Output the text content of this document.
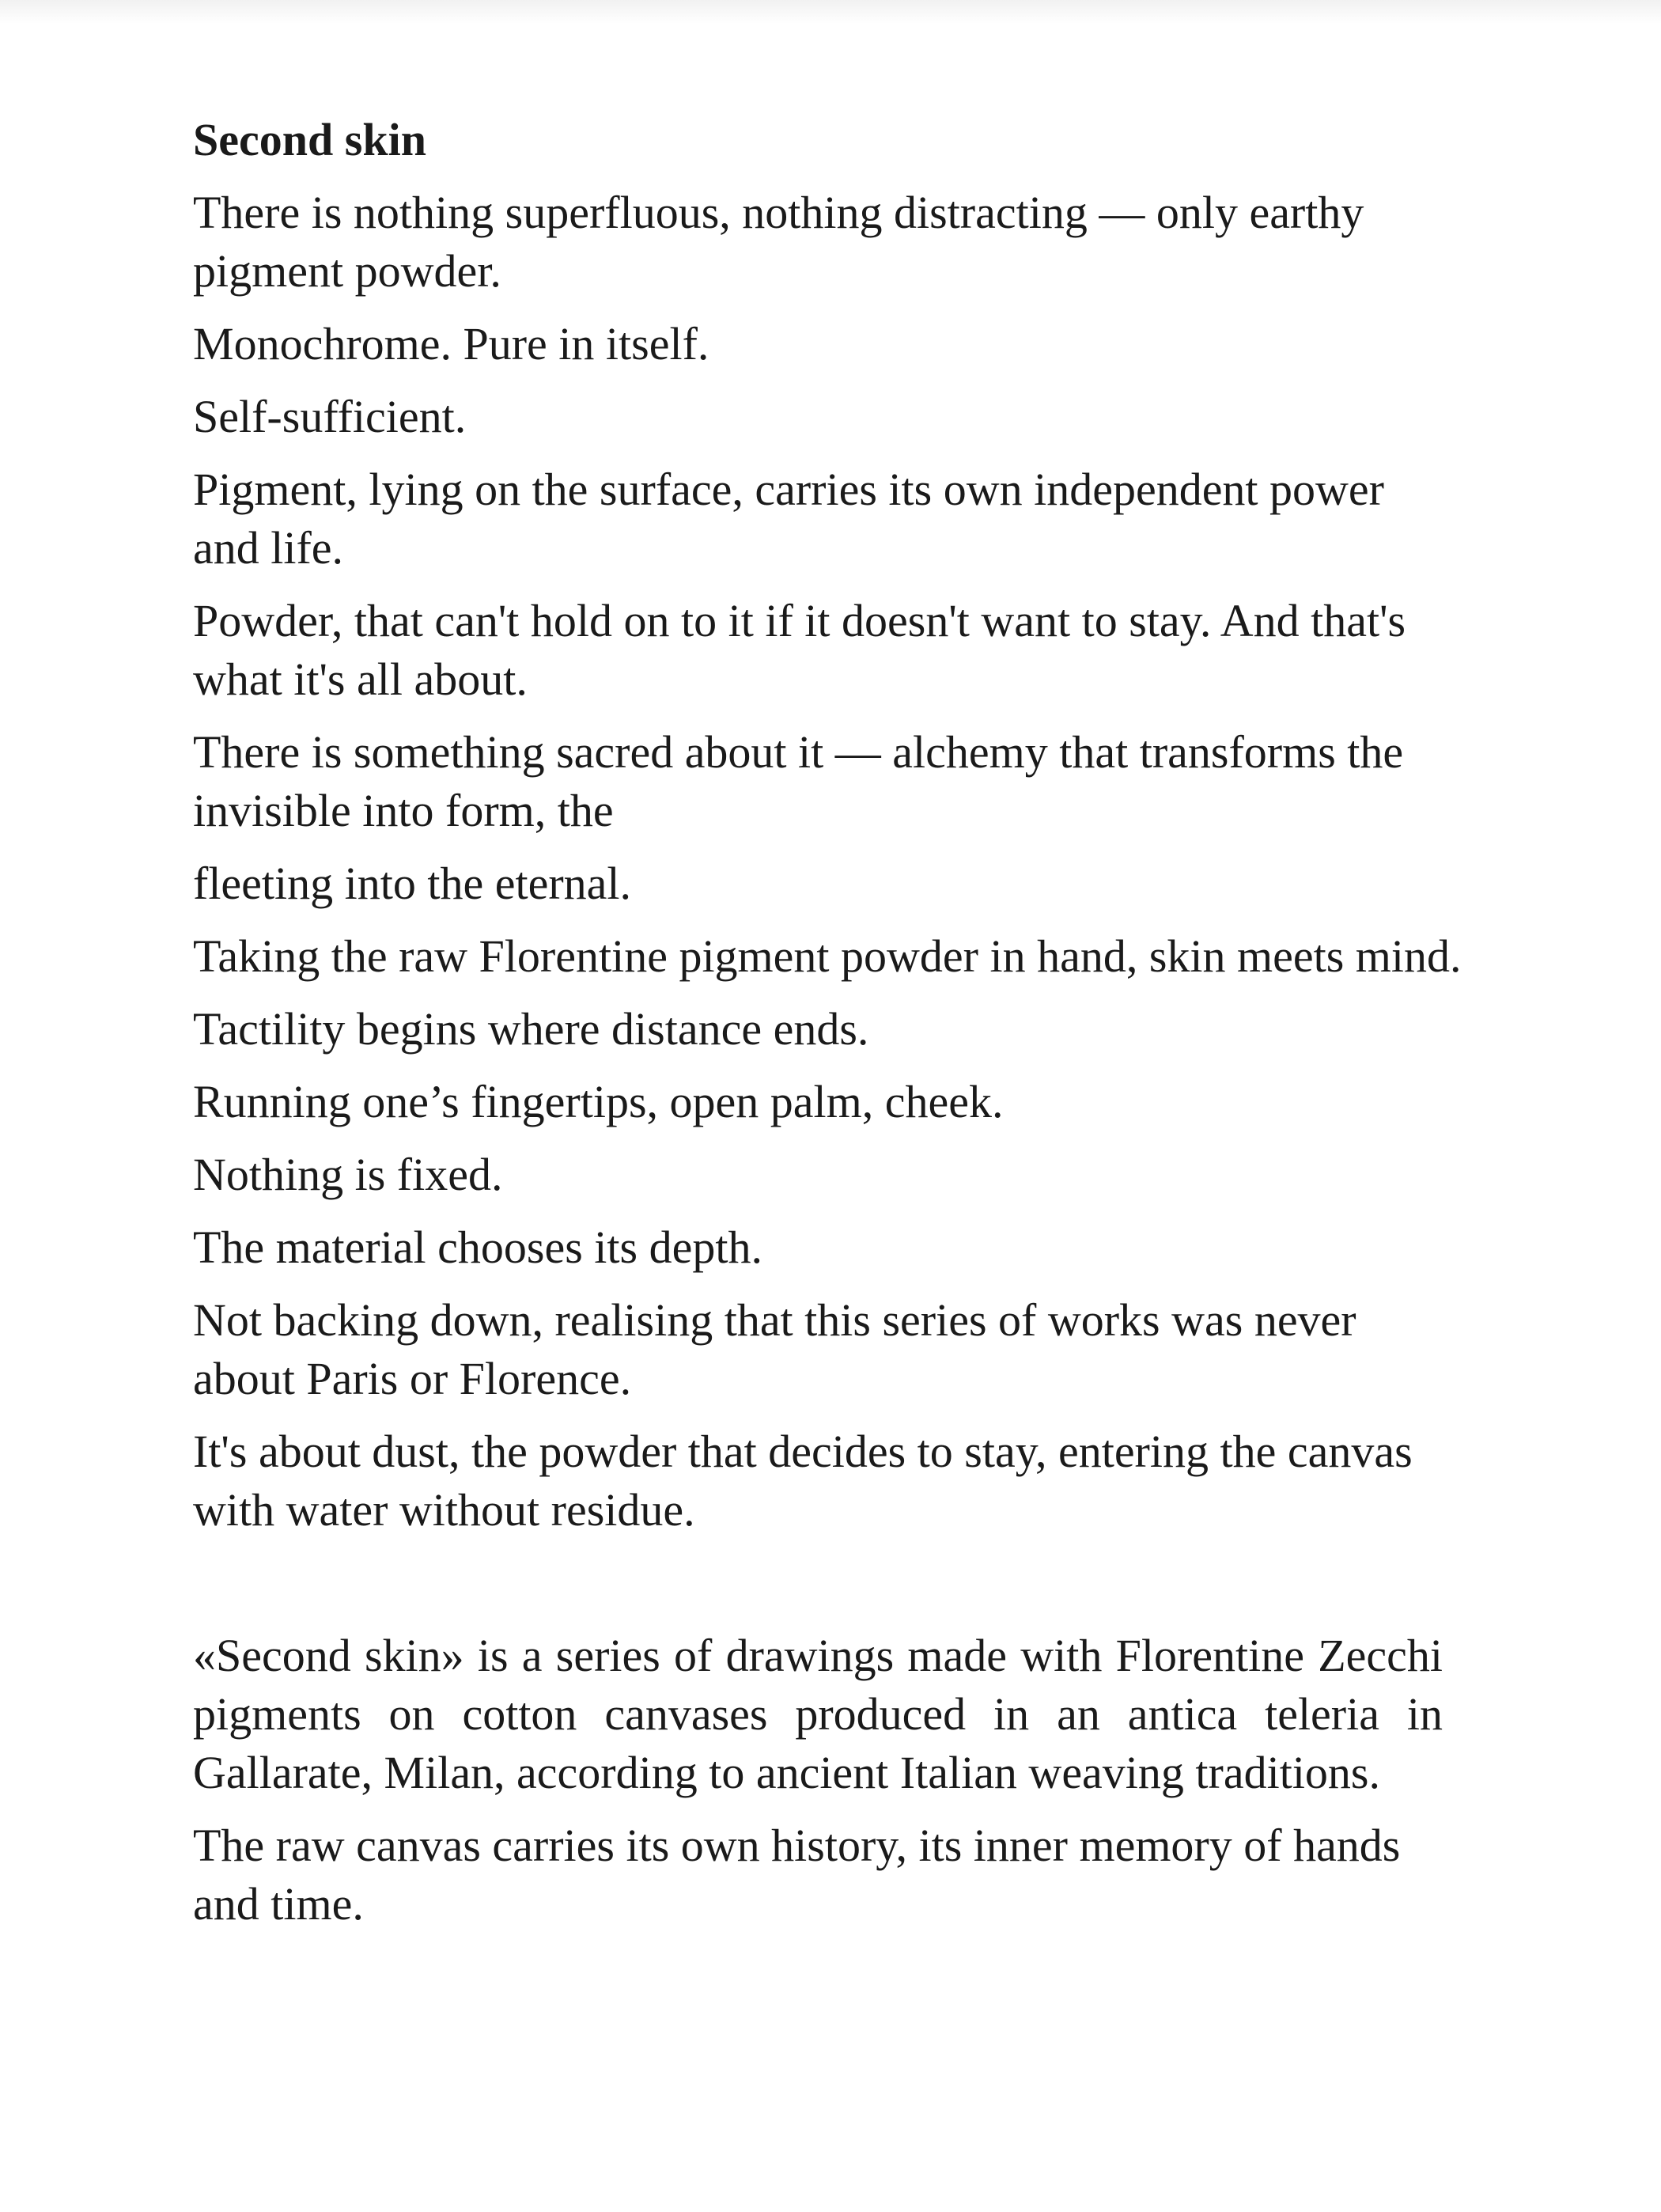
Second skin

There is nothing superfluous, nothing distracting — only earthy pigment powder.

Monochrome. Pure in itself.

Self-sufficient.

Pigment, lying on the surface, carries its own independent power and life.

Powder, that can't hold on to it if it doesn't want to stay. And that's what it's all about.

There is something sacred about it — alchemy that transforms the invisible into form, the

fleeting into the eternal.

Taking the raw Florentine pigment powder in hand, skin meets mind.

Tactility begins where distance ends.

Running one’s fingertips, open palm, cheek.

Nothing is fixed.

The material chooses its depth.

Not backing down, realising that this series of works was never about Paris or Florence.

It's about dust, the powder that decides to stay, entering the canvas with water without residue.

«Second skin» is a series of drawings made with Florentine Zecchi pigments on cotton canvases produced in an antica teleria in Gallarate, Milan, according to ancient Italian weaving traditions.

The raw canvas carries its own history, its inner memory of hands and time.
